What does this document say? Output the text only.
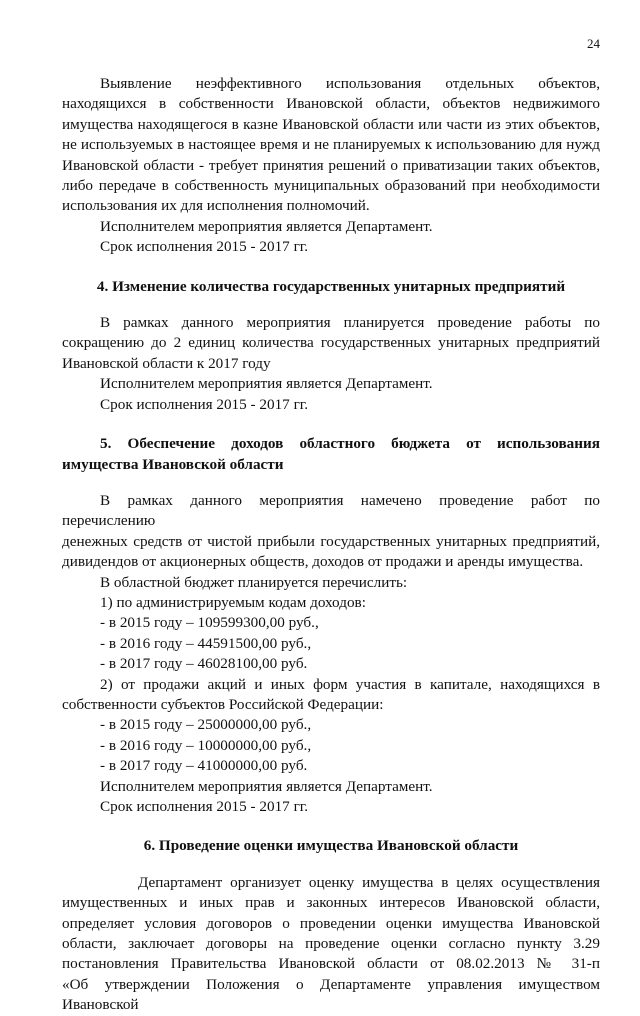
24

Выявление неэффективного использования отдельных объектов,

находящихся в собственности Ивановской области, объектов недвижимого

имущества находящегося в казне Ивановской области или части из этих объектов,

не используемых в настоящее время и не планируемых к использованию для нужд

Ивановской области - требует принятия решений о приватизации таких объектов,

либо передаче в собственность муниципальных образований при необходимости

использования их для исполнения полномочий.

Исполнителем мероприятия является Департамент.

Срок исполнения 2015 - 2017 гг.

4. Изменение количества государственных унитарных предприятий

В рамках данного мероприятия планируется проведение работы по

сокращению до 2 единиц количества государственных унитарных предприятий

Ивановской области к 2017 году

Исполнителем мероприятия является Департамент.

Срок исполнения 2015 - 2017 гг.

5. Обеспечение доходов областного бюджета от использования

имущества Ивановской области

В рамках данного мероприятия намечено проведение работ по перечислению

денежных средств от чистой прибыли государственных унитарных предприятий,

дивидендов от акционерных обществ, доходов от продажи и аренды имущества.

В областной бюджет планируется перечислить:

1) по администрируемым кодам доходов:

- в 2015 году – 109599300,00 руб.,

- в 2016 году – 44591500,00 руб.,

- в 2017 году – 46028100,00 руб.

2) от продажи акций и иных форм участия в капитале, находящихся в

собственности субъектов Российской Федерации:

- в 2015 году – 25000000,00 руб.,

- в 2016 году – 10000000,00 руб.,

- в 2017 году – 41000000,00 руб.

Исполнителем мероприятия является Департамент.

Срок исполнения 2015 - 2017 гг.

6. Проведение оценки имущества Ивановской области

Департамент организует оценку имущества в целях осуществления

имущественных и иных прав и законных интересов Ивановской области,

определяет условия договоров о проведении оценки имущества Ивановской

области, заключает договоры на проведение оценки согласно пункту 3.29

постановления Правительства Ивановской области от 08.02.2013 № 31-п

«Об утверждении Положения о Департаменте управления имуществом Ивановской
